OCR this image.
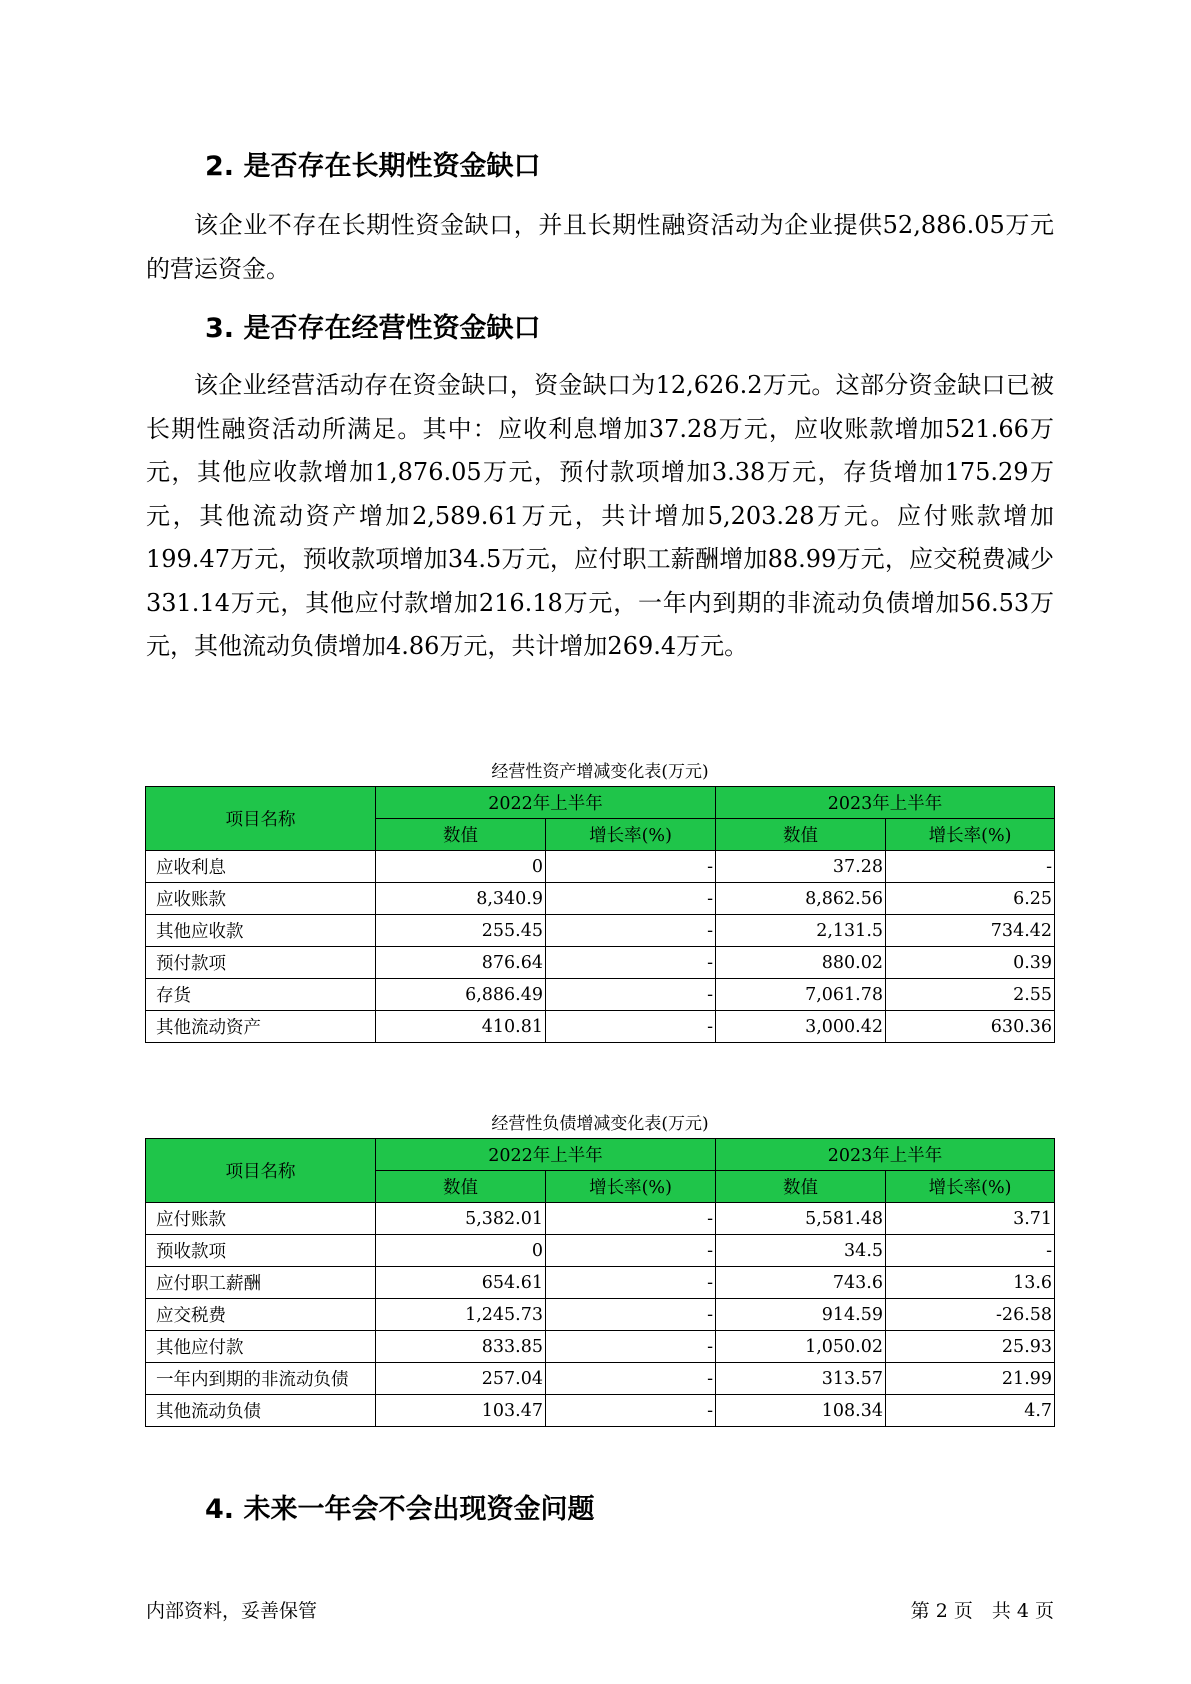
2. 是否存在长期性资金缺口

该企业不存在长期性资金缺口，并且长期性融资活动为企业提供52,886.05万元的营运资金。

3. 是否存在经营性资金缺口

该企业经营活动存在资金缺口，资金缺口为12,626.2万元。这部分资金缺口已被长期性融资活动所满足。其中：应收利息增加37.28万元，应收账款增加521.66万元，其他应收款增加1,876.05万元，预付款项增加3.38万元，存货增加175.29万元，其他流动资产增加2,589.61万元，共计增加5,203.28万元。应付账款增加199.47万元，预收款项增加34.5万元，应付职工薪酬增加88.99万元，应交税费减少331.14万元，其他应付款增加216.18万元，一年内到期的非流动负债增加56.53万元，其他流动负债增加4.86万元，共计增加269.4万元。

经营性资产增减变化表(万元)
项目名称	2022年上半年		2023年上半年	
	数值	增长率(%)	数值	增长率(%)
应收利息	0	-	37.28	-
应收账款	8,340.9	-	8,862.56	6.25
其他应收款	255.45	-	2,131.5	734.42
预付款项	876.64	-	880.02	0.39
存货	6,886.49	-	7,061.78	2.55
其他流动资产	410.81	-	3,000.42	630.36
经营性负债增减变化表(万元)
项目名称	2022年上半年		2023年上半年	
	数值	增长率(%)	数值	增长率(%)
应付账款	5,382.01	-	5,581.48	3.71
预收款项	0	-	34.5	-
应付职工薪酬	654.61	-	743.6	13.6
应交税费	1,245.73	-	914.59	-26.58
其他应付款	833.85	-	1,050.02	25.93
一年内到期的非流动负债	257.04	-	313.57	21.99
其他流动负债	103.47	-	108.34	4.7
4. 未来一年会不会出现资金问题
内部资料，妥善保管	第 2 页　共 4 页
